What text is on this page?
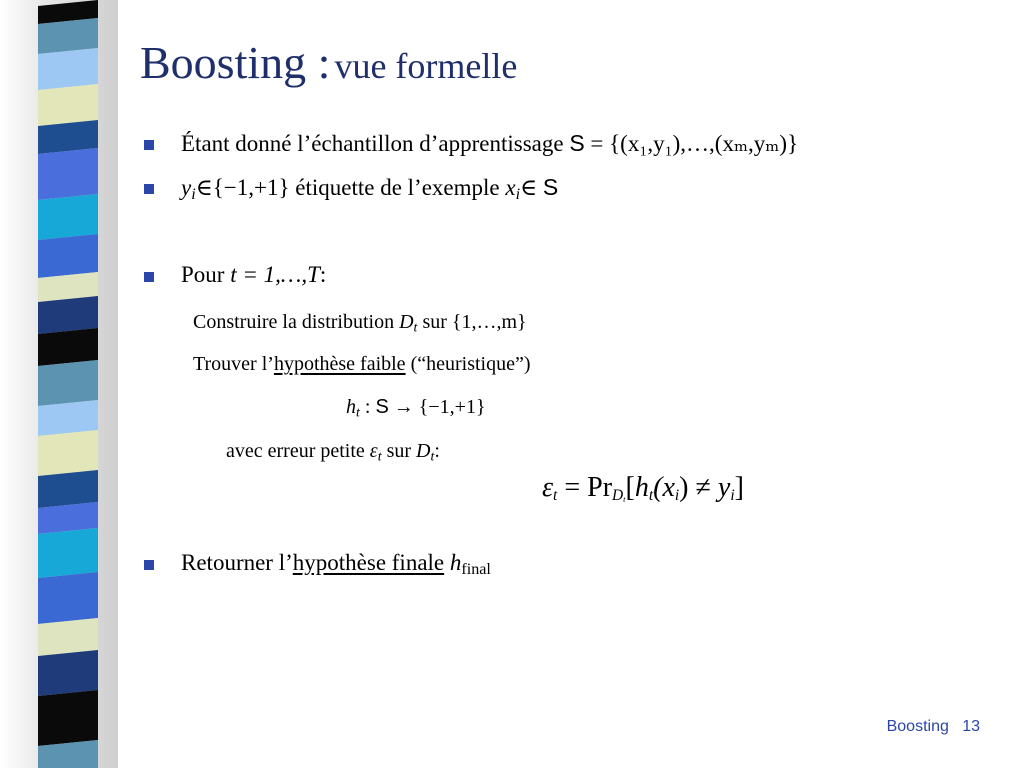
Boosting : vue formelle
Étant donné l’échantillon d’apprentissage S = {(x₁,y₁),…,(xₘ,yₘ)}
$y_i\in\{-1,+1\}$ étiquette de l’exemple $x_i\in$ S
Pour t = 1,…,T:
Construire la distribution $D_t$ sur {1,…,m}
Trouver l’hypothèse faible (“heuristique”)
$h_t$ : S → {−1,+1}
avec erreur petite $\varepsilon_t$ sur $D_t$:
$\varepsilon_t = Pr_{D_t}[h_t(x_i) \ne y_i]$
Retourner l’hypothèse finale $h_{final}$
Boosting 13
